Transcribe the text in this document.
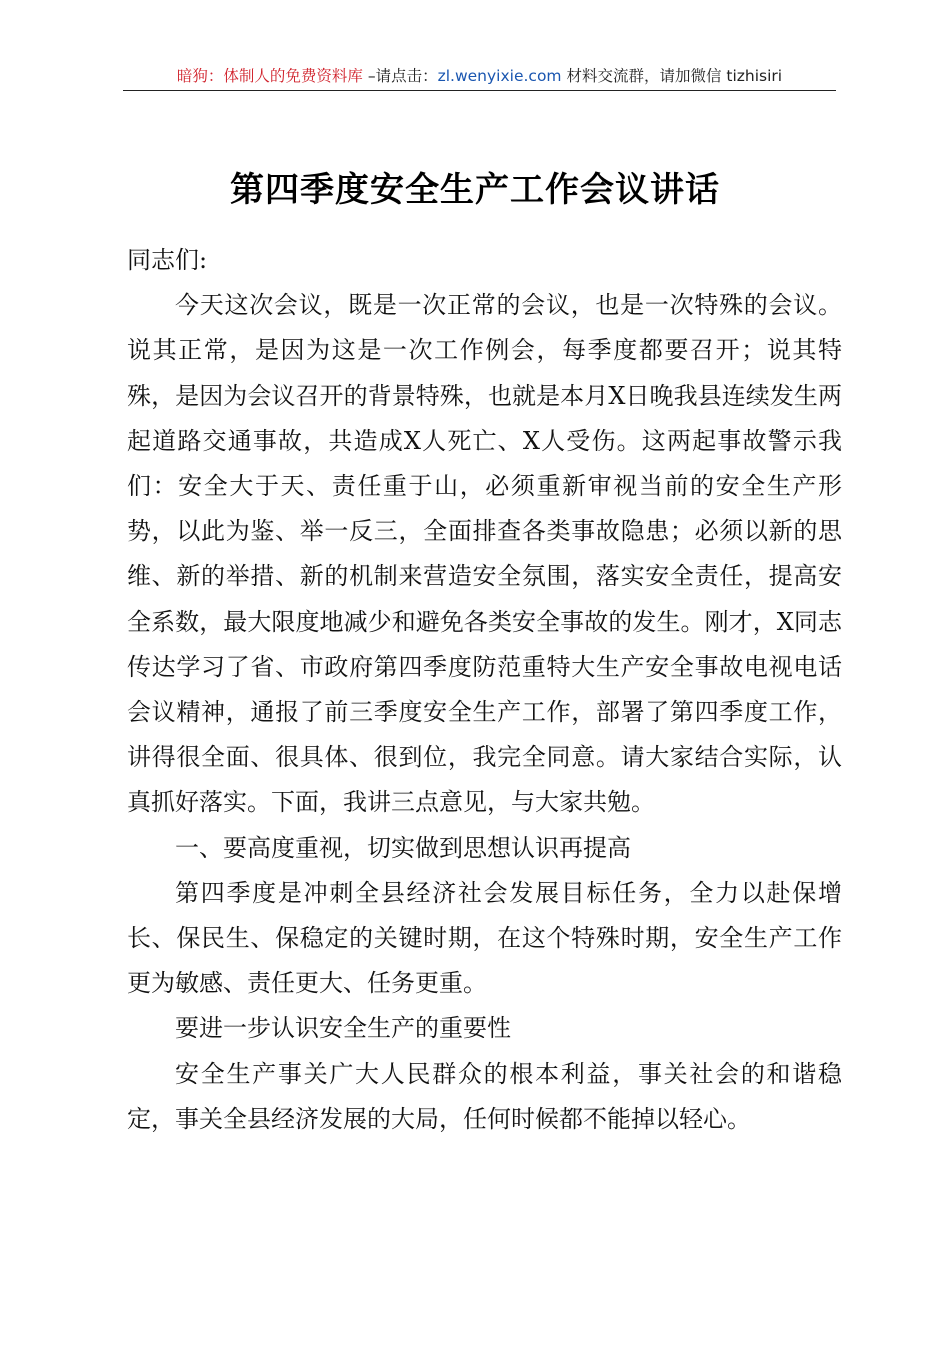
暗狗：体制人的免费资料库 –请点击：zl.wenyixie.com 材料交流群，请加微信 tizhisiri
第四季度安全生产工作会议讲话

同志们:

今天这次会议，既是一次正常的会议，也是一次特殊的会议。说其正常，是因为这是一次工作例会，每季度都要召开；说其特殊，是因为会议召开的背景特殊，也就是本月X日晚我县连续发生两起道路交通事故，共造成X人死亡、X人受伤。这两起事故警示我们：安全大于天、责任重于山，必须重新审视当前的安全生产形势，以此为鉴、举一反三，全面排查各类事故隐患；必须以新的思维、新的举措、新的机制来营造安全氛围，落实安全责任，提高安全系数，最大限度地减少和避免各类安全事故的发生。刚才，X同志传达学习了省、市政府第四季度防范重特大生产安全事故电视电话会议精神，通报了前三季度安全生产工作，部署了第四季度工作，讲得很全面、很具体、很到位，我完全同意。请大家结合实际，认真抓好落实。下面，我讲三点意见，与大家共勉。

一、要高度重视，切实做到思想认识再提高

第四季度是冲刺全县经济社会发展目标任务，全力以赴保增长、保民生、保稳定的关键时期，在这个特殊时期，安全生产工作更为敏感、责任更大、任务更重。

要进一步认识安全生产的重要性

安全生产事关广大人民群众的根本利益，事关社会的和谐稳定，事关全县经济发展的大局，任何时候都不能掉以轻心。
